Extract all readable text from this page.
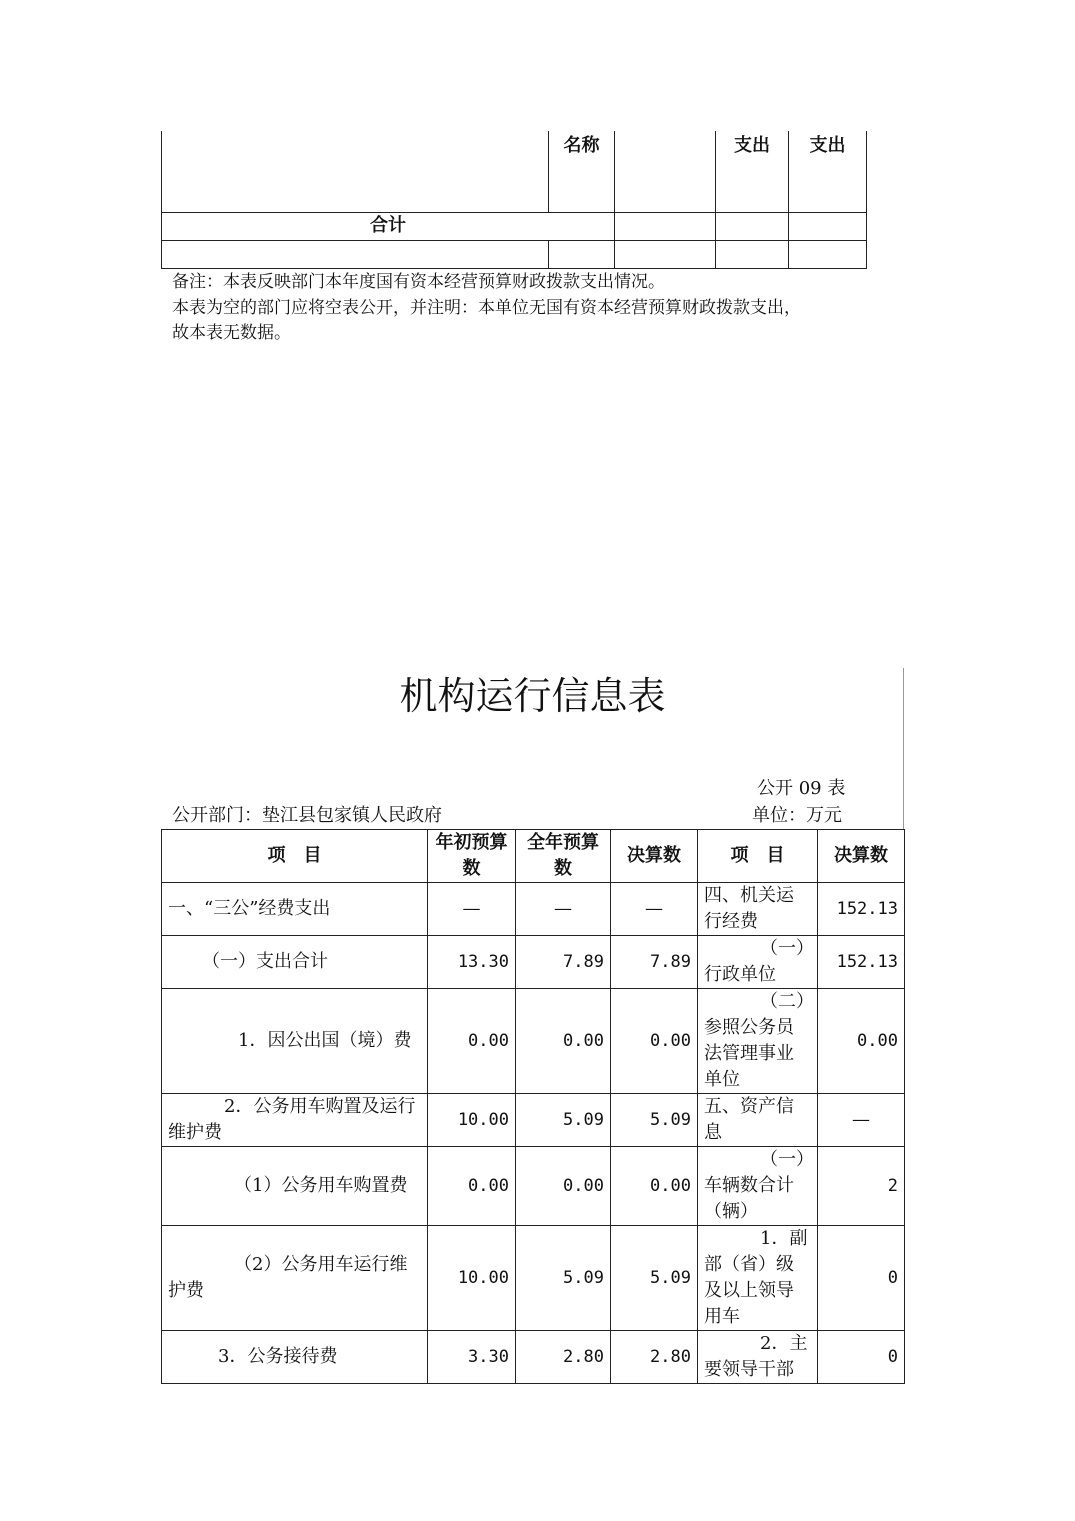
	名称		支出	支出
合计				

备注：本表反映部门本年度国有资本经营预算财政拨款支出情况。
本表为空的部门应将空表公开，并注明：本单位无国有资本经营预算财政拨款支出，
故本表无数据。
机构运行信息表
公开 09 表
公开部门：垫江县包家镇人民政府	单位：万元
项　目	年初预算数	全年预算数	决算数	项　目	决算数
一、“三公”经费支出	—	—	—	四、机关运行经费	152.13
（一）支出合计	13.30	7.89	7.89	（一）行政单位	152.13
1．因公出国（境）费	0.00	0.00	0.00	（二）参照公务员法管理事业单位	0.00
2．公务用车购置及运行维护费	10.00	5.09	5.09	五、资产信息	—
（1）公务用车购置费	0.00	0.00	0.00	（一）车辆数合计（辆）	2
（2）公务用车运行维护费	10.00	5.09	5.09	1．副部（省）级及以上领导用车	0
3．公务接待费	3.30	2.80	2.80	2．主要领导干部	0
